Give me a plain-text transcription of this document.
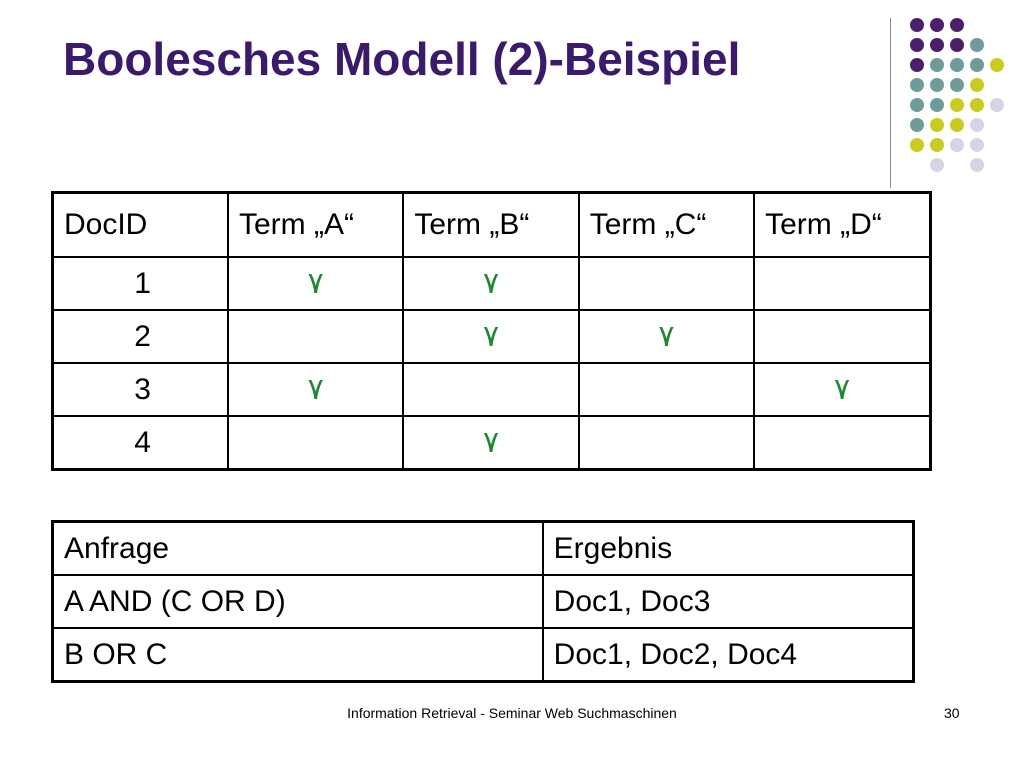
Boolesches Modell (2)-Beispiel
DocID	Term „A“	Term „B“	Term „C“	Term „D“
1	٧	٧		
2		٧	٧	
3	٧			٧
4		٧		
Anfrage	Ergebnis
A AND (C OR D)	Doc1, Doc3
B OR C	Doc1, Doc2, Doc4
Information Retrieval - Seminar Web Suchmaschinen	30
